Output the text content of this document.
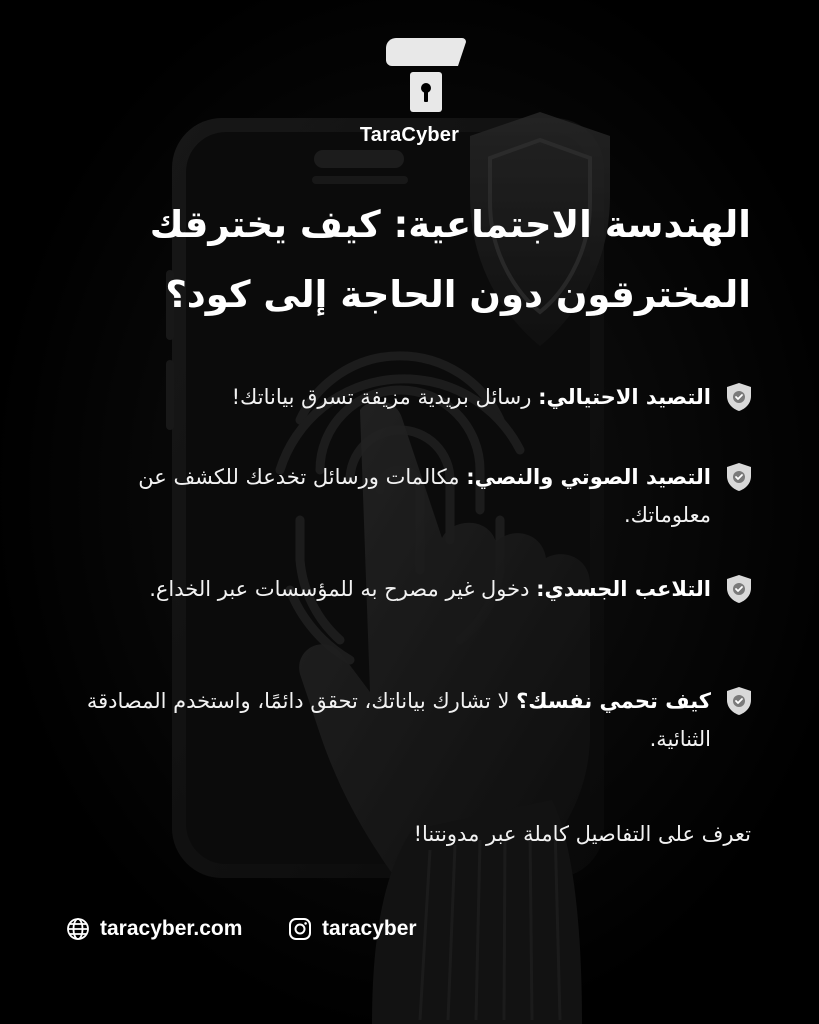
TaraCyber
الهندسة الاجتماعية: كيف يخترقك
المخترقون دون الحاجة إلى كود؟
التصيد الاحتيالي: رسائل بريدية مزيفة تسرق بياناتك!
التصيد الصوتي والنصي: مكالمات ورسائل تخدعك للكشف عن معلوماتك.
التلاعب الجسدي: دخول غير مصرح به للمؤسسات عبر الخداع.
كيف تحمي نفسك؟ لا تشارك بياناتك، تحقق دائمًا، واستخدم المصادقة الثنائية.
تعرف على التفاصيل كاملة عبر مدونتنا!
taracyber.com	taracyber
